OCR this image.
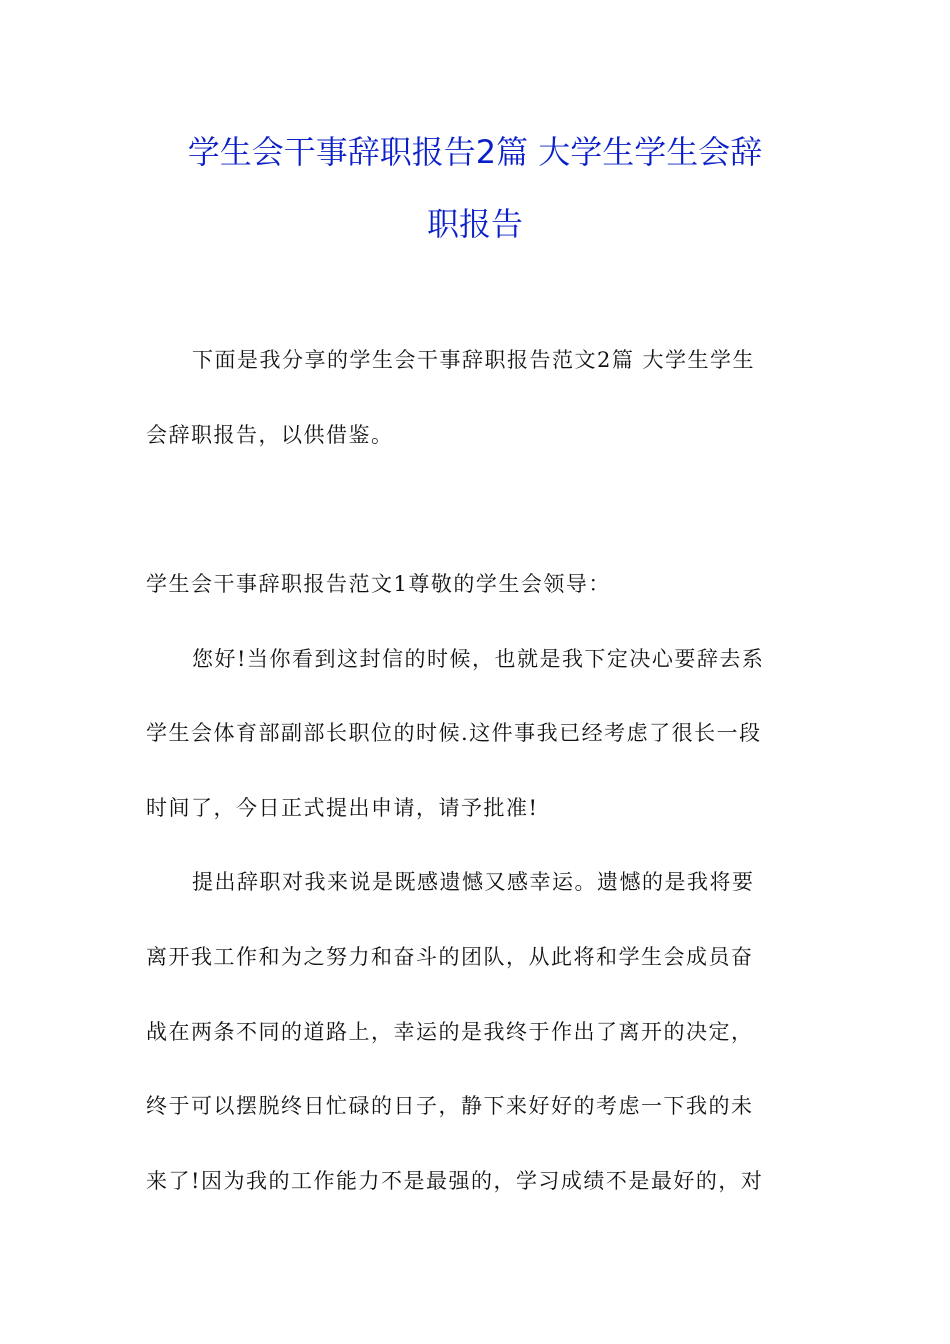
学生会干事辞职报告2篇 大学生学生会辞
职报告
下面是我分享的学生会干事辞职报告范文2篇 大学生学生
会辞职报告，以供借鉴。
学生会干事辞职报告范文1尊敬的学生会领导：
您好!当你看到这封信的时候，也就是我下定决心要辞去系
学生会体育部副部长职位的时候.这件事我已经考虑了很长一段
时间了，今日正式提出申请，请予批准!
提出辞职对我来说是既感遗憾又感幸运。遗憾的是我将要
离开我工作和为之努力和奋斗的团队，从此将和学生会成员奋
战在两条不同的道路上，幸运的是我终于作出了离开的决定，
终于可以摆脱终日忙碌的日子，静下来好好的考虑一下我的未
来了!因为我的工作能力不是最强的，学习成绩不是最好的，对
